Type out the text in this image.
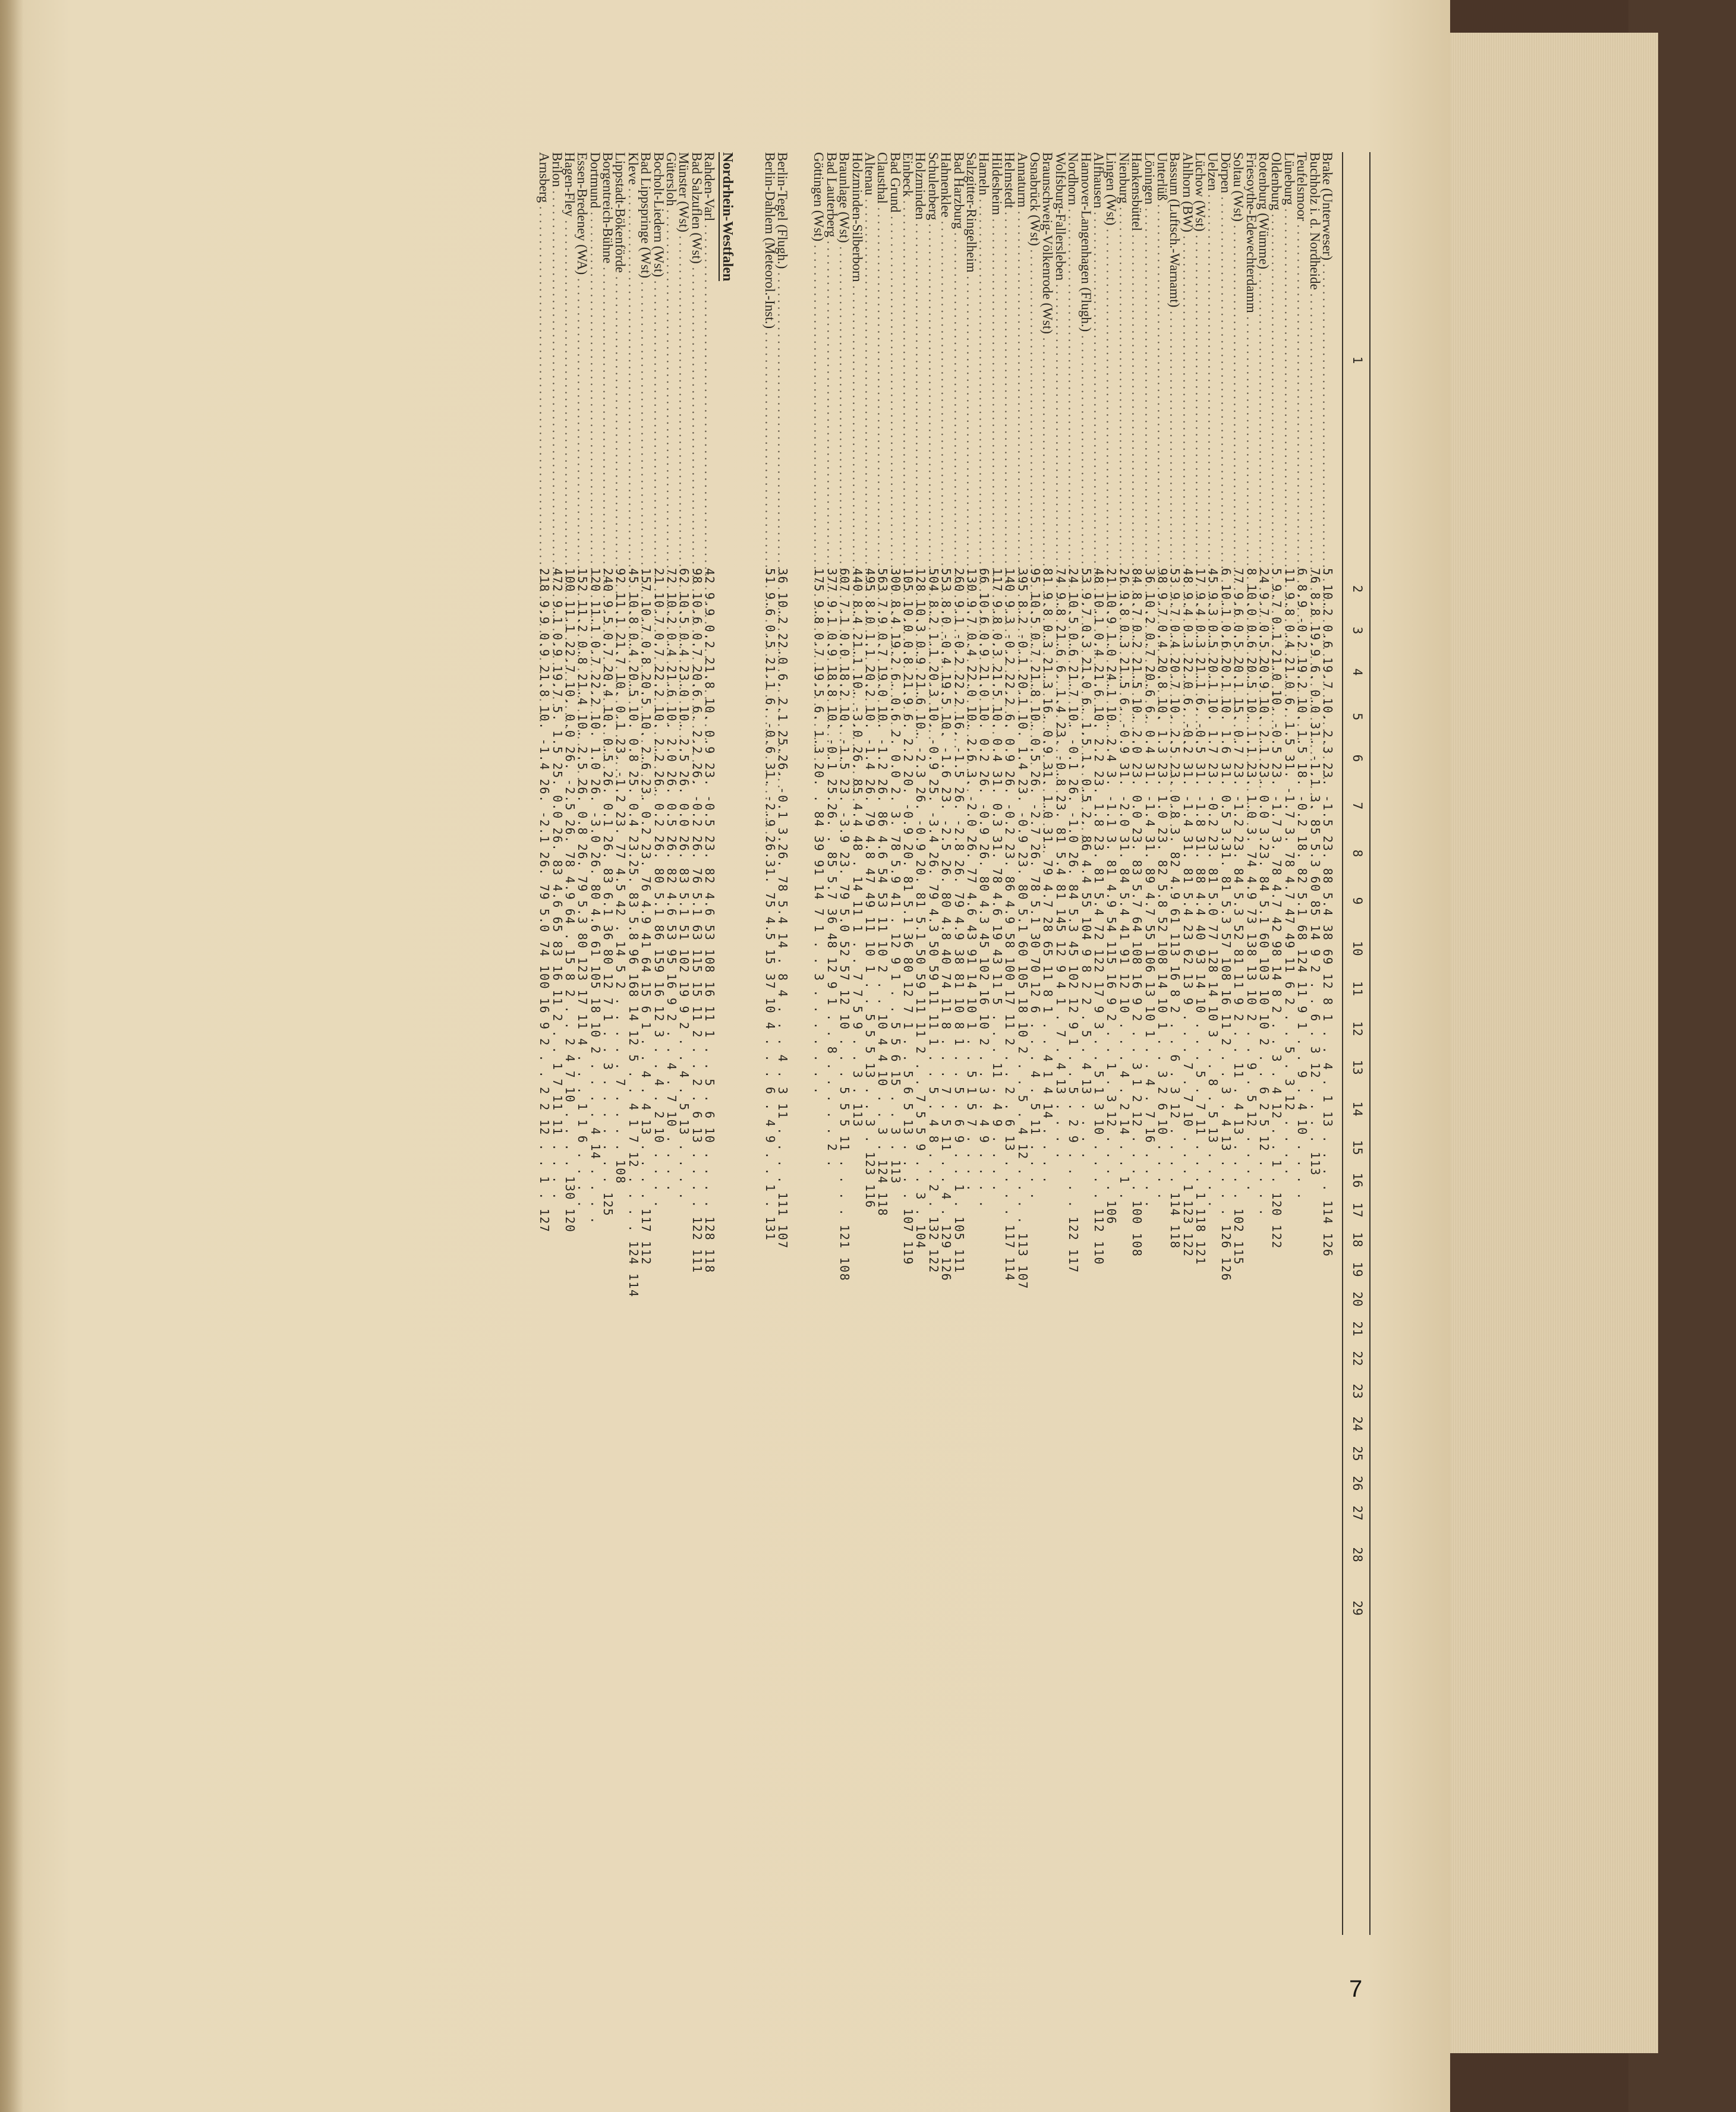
1
2
3
4
5
6
7
8
9
10
11
12
13
14
15
16
17
18
19
20
21
22
23
24
25
26
27
28
29
Brake (Unterweser) . . .
5 10.2 0.6 19.7 10. 2.3 23. -1.5 23. 88 5.4 38 69 12 8 1 . . 4 . 1 13 . . . . 114 126
Buchholz i. d. Nordheide . . .
76 8.8 19.9 6. 0.0 31. -1.1 3. 85 5.3 60 85 14 9 2 . . 6 . 3 12 . . . . 113
Teufelsmoor . . .
6 8.9 -0.2 19.2 10. 1.5 18. -0.2 18. 82 5.1 68 124 11 9 1 . . 9 . 4 10 . . . .
Lüneburg . . .
11 9.8 0.4 21.0 6. 1.5 31. -1.7 3. 78 4.7 47 49 11 6 2 . . 5 . 3 12 . . . .
Oldenburg . . .
5 9.7 0.1 21.0 10. -0.5 23. -1.7 3. 78 4.7 42 98 14 8 2 . . 3 . 4 12 . . 1 . 120 122
Rotenburg (Wümme) . . .
24 9.7 0.5 20.9 10. 2.1 23. 0.0 3.23. 84 5.1 60 103 10 10 2 . . 6 2 5 12 . . . .
Friesoythe-Edewechterdamm . . .
8 10.0 0.6 20.5 10. 1.1 23. 1.0 3. 74 4.9 73 138 13 10 2 . . 9 . 5 12 . . . .
Soltau (Wst) . . .
77 9.6 0.5 20.1 15. 0.7 23. -1.2 23. 84 5.3 52 81 11 9 2 . . 11 . 4 13 . . . . 102 115
Dörpen . . .
6 10.1 0.6 20.1 10. 1.6 31. 0.5 3.31. 81 5.3 57 108 16 11 2 . . 3 . 4 13 . . . . 126 126
Uelzen . . .
45 9.3 0.5 20.1 10. 1.7 23. -0.2 23. 81 5.0 77 128 14 10 3 . . 8 . 5 13 . . . .
Lüchow (Wst) . . .
17 9.4 0.3 21.1 6. -0.5 31. -1.8 31. 88 4.4 40 93 14 10 . . . 5 . 7 11 . . . 1 118 121
Ahlhorn (BW) . . .
48 9.4 0.3 22.0 6. -0.2 31. -1.4 31. 81 5.4 23 62 13 9 . . . 7 . 7 10 . . . 1 123 122
Bassum (Luftsch.-Warnamt) . . .
53 9.7 0.4 20.7 10. 2.5 23. 0.8 3. 82 4.9 61 113 16 8 2 . . 6 . 3 12 . . . . 114 118
Unterlüß . . .
98 9.7 0.4 20.8 10. 1.3 23. 1.0 23. 82 5.8 52 108 14 10 1 . . 3 2 6 10 . . . .
Löningen . . .
36 10.2 0.7 20.6 6. 0.4 31. -1.4 31. 89 4.7 55 106 13 10 1 . . 4 . 7 16 . . . .
Hankensbüttel . . .
84 8.7 0.2 21.5 10. 2.0 23. 0.0 23. 83 5.7 64 108 16 9 2 . . 3 1 2 12 . . . . 100 108
Nienburg . . .
26 9.8 0.3 21.5 6. -0.9 31. -2.0 31. 84 5.4 41 91 12 10 . . . 4 . 2 14 . . 1 .
Lingen (Wst) . . .
21 10.9 1.0 24.1 10. 2.4 3. -1.1 3. 81 4.9 54 115 16 9 2 . . 1 . 3 12 . . . . 106
Alfhausen . . .
48 10.1 0.4 21.6 10. 2.2 23. 1.8 23. 81 5.4 72 122 17 9 3 . . 5 1 3 10 . . . . 112 110
Hannover-Langenhagen (Flugh.) . . .
53 9.7 0.3 21.0 6. 1.5 1. 0.5 2. 86 4.4 55 104 9 8 2 2 . 5 . 4 13 . . . .
Nordhorn . . .
24 10.5 0.6 21.7 10. -0.1 26. -1.0 26. 84 5.3 45 102 12 9 1 . . 5 . 2 9 . . . . 122 117
Wolfsburg-Fallersleben . . .
74 9.8 21.6 6. 1.4 23. -0.8 23. 81 5.4 81 145 12 9 4 1 . 7 . 4 13 . . . .
Braunschweig-Völkenrode (Wst) . . .
81 9.8 0.3 21.3 16. 0.9 31. 1.0 31. 79 4.7 28 65 11 8 1 . . 4 1 4 14 . . . .
Osnabrück (Wst) . . .
95 10.5 0.7 21.8 10. 0.5 26. -2.7 26. 78 5.1 30 70 12 6 . . . 4 . 5 11 . . . .
Annaturm . . .
395 8.2 -0.1 20.1 10. 1.4 23. -0.9 23. 80 5.1 60 105 18 10 2 . . 5 . 4 12 . . . . 113 107
Helmstedt . . .
140 9.3 -0.2 22.2 6. 0.9 26. -0.2 23. 86 4.9 58 100 17 11 2 . . 2 . 6 13 . . . . 117 114
Hildesheim . . .
117 9.8 0.3 21.5 10. 0.4 31. 0.3 31. 78 4.6 19 43 11 5 . . . 11 . 4 9 . . . .
Hameln . . .
66 10.6 0.9 21.0 10. 0.2 26. -0.9 26. 80 4.3 45 102 16 10 2 . . 3 . 4 9 . . . .
Salzgitter-Ringelheim . . .
130 9.7 0.4 22.0 10. 2.6 3. -2.0 26. 77 4.6 43 91 14 10 1 . . 5 1 5 7 . . . .
Bad Harzburg . . .
260 9.1 -0.2 22.2 16. -1.5 26. -2.8 26. 79 4.9 38 81 10 8 1 . . 5 . 6 9 . . 1 . 105 111
Hahnenklee . . .
553 8.0 -0.4 19.5 10. -1.6 23. -2.5 26. 80 4.8 40 74 11 8 . . . 7 . 5 11 . . 4 . 129 126
Schulenberg . . .
504 8.2 1.1 20.3 10. -0.9 25. -3.4 26. 79 4.3 50 59 11 11 1 . . 5 . 4 8 . . 2 . 132 122
Holzminden . . .
128 10.3 0.9 21.6 10. -2.3 26. -0.9 20. 81 5.1 50 59 11 11 2 . . 7 5 5 9 . . 3 . 104
Einbeck . . .
105 10.0 0.8 21.9 6. 2.2 20. -0.9 20. 81 5.1 36 80 12 7 1 . . 5 6 5 13 . . . . 107 119
Bad Grund . . .
300 8.4 19.2 6. 0.6 2. 0.0 2. 3. 78 5.9 41 . 12 9 1 . . 5 5 6 15 . . 3 . 113
Clausthal . . .
563 7.9 0.7 19.0 10. -1.2 26. 86 4.6 54 53 11 10 2 . . 10 4 4 10 . . 3 . 124 118
Altenau . . .
495 8.0 1.1 20.2 10. -1.4 26. 79 4.8 47 49 11 10 1 . . 5 5 5 13 . . 3 . 123 116
Holzminden-Silberborn . . .
440 8.4 21.1 10. -3.0 26. 85 4.4 48 . 14 11 1 . . 7 7 5 9 . . 3 . 113
Braunlage (Wst) . . .
607 7.1 0.0 18.2 10. -1.5 23. -3.9 23. 79 5.0 52 57 12 10 . . . 5 5 5 11 . . . . 121 108
Bad Lauterberg . . .
377 9.1 0.9 18.8 10. -0.1 25.26. . 85 5.7 36 48 12 9 1 . . 8 . . . . . 2 .
Göttingen (Wst) . . .
175 9.8 0.7 19.5 6. 1.3 20. . 84 39 91 14 7 1 . . 3 . . . . . . .
Berlin-Tegel (Flugh.) . . .
36 10.2 22.0 6. 2.1 25.26. -0.1 3.26. 78 5.4 14 . 8 4 . . . 4 . 3 11 . . . . 111 107
Berlin-Dahlem (Meteorol.-Inst.) . . .
51 9.6 0.5 21.1 6. -0.6 31. -2.9 26.31. 75 4.5 15 37 10 4 . . . 6 . 4 9 . . 1 . 131
Nordrhein-Westfalen
Rahden-Varl . . .
42 9.9 0.2 21.8 10. 0.9 23. -0.5 23. 82 4.6 53 108 16 11 1 . . 5 . 6 10 . . . . 128 118
Bad Salzuflen (Wst) . . .
98 10.6 0.7 20.6 6. 2.2 26. -0.2 26. 76 5.1 63 115 15 11 2 . . 2 . 6 13 . . . . 122 111
Münster (Wst) . . .
62 10.5 0.4 23.0 10. 2.5 26. 0.0 26. 83 5.1 51 102 19 9 2 . . 4 . 5 13 . . . .
Gütersloh . . .
72 10.2 0.4 21.6 10. 2.0 26. 0.5 26. 82 4.6 53 95 16 9 2 . . 4 . 7 10 . . . .
Bocholt-Liedern (Wst) . . .
21 10.7 0.7 22.2 10. 2.2 26. 0.2 26. 80 5.1 86 159 16 12 3 . . 4 . 2 10 . . . .
Bad Lippspringe (Wst) . . .
157 10.7 0.8 20.5 10. 2.6 23. 0.2 23. 76 4.9 41 64 15 6 1 . . 4 . 4 13 . . . . 117 112
Kleve . . .
45 10.8 0.4 20.5 10. 0.8 25. 0.4 23.25. 83 5.8 96 168 14 12 5 . . 4 1 7 12 . . . . 124 114
Lippstadt-Bökenförde . . .
92 11.1 21.7 10. 0.1 23. -1.2 23. 77 4.5 42 . 14 5 2 . . . . . 7 . . . . 108
Borgentreich-Bühne . . .
240 9.5 0.7 20.4 10. 0.5 26. 0.1 26. 83 6.1 36 80 12 7 1 . . 3 . . . . . . . 125
Dortmund . . .
120 11.1 0.7 22.2 10. 1.0 26. -3.0 26. 80 4.6 61 105 18 10 2 . . . . 4 14 . . . .
Essen-Bredeney (WA) . . .
152 11.2 0.8 21.4 10. 2.5 26. 0.8 26. 79 5.3 80 123 17 11 4 . . . 1 1 6 . . . .
Hagen-Fley . . .
100 11.1 22.7 10. 0.0 26. -2.5 26. 78 4.9 64 . 15 8 2 . . 2 4 7 10 . . . . 130 120
Brilon . . .
472 9.1 0.9 19.7 5. 1.5 25. 0.0 26. 83 4.6 65 83 16 11 2 . . 1 7 11 11 . . . .
Arnsberg . . .
218 9.9 0.9 21.8 10. -1.4 26. -2.1 26. 79 5.0 74 100 16 9 2 . . 2 2 12 . . 1 . 127
7
